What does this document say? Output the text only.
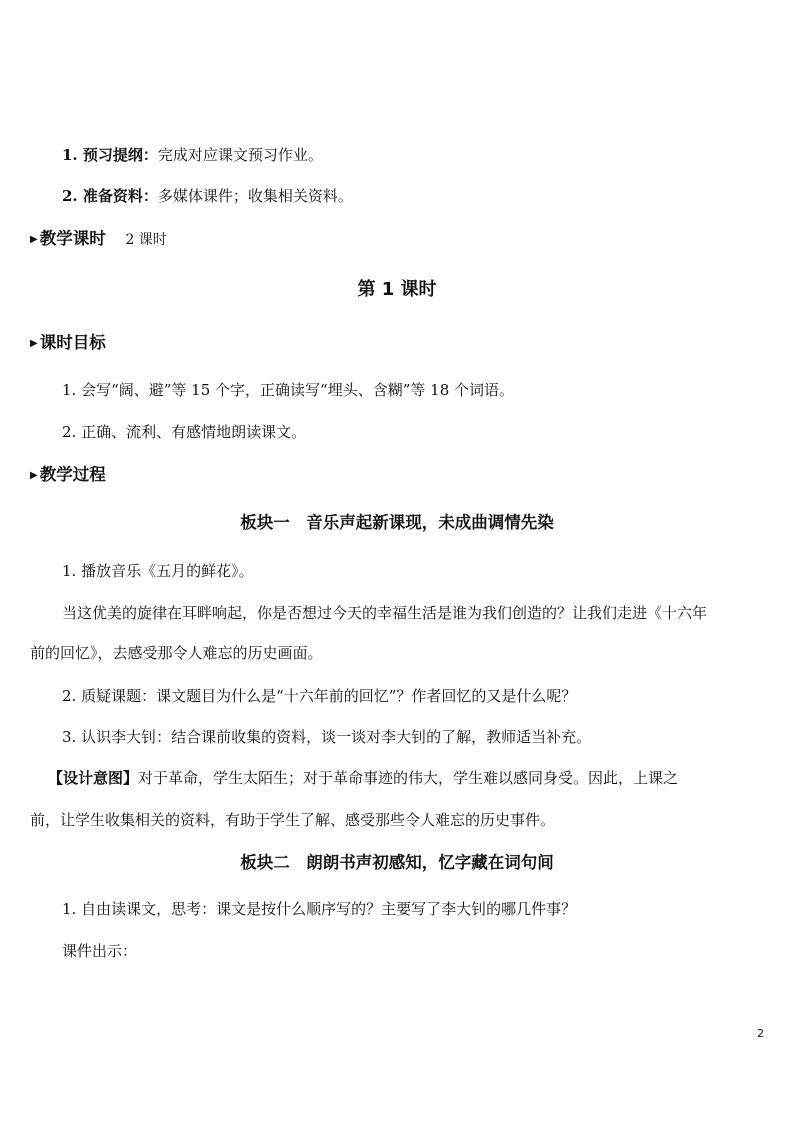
1. 预习提纲：完成对应课文预习作业。
2. 准备资料：多媒体课件；收集相关资料。
▶ 教学课时 2 课时
第 1 课时
▶ 课时目标
1. 会写“阔、避”等 15 个字，正确读写“埋头、含糊”等 18 个词语。
2. 正确、流利、有感情地朗读课文。
▶ 教学过程
板块一　音乐声起新课现，未成曲调情先染
1. 播放音乐《五月的鲜花》。
当这优美的旋律在耳畔响起，你是否想过今天的幸福生活是谁为我们创造的？让我们走进《十六年
前的回忆》，去感受那令人难忘的历史画面。
2. 质疑课题：课文题目为什么是“十六年前的回忆”？作者回忆的又是什么呢？
3. 认识李大钊：结合课前收集的资料，谈一谈对李大钊的了解，教师适当补充。
【设计意图】对于革命，学生太陌生；对于革命事迹的伟大，学生难以感同身受。因此，上课之
前，让学生收集相关的资料，有助于学生了解、感受那些令人难忘的历史事件。
板块二　朗朗书声初感知，忆字藏在词句间
1. 自由读课文，思考：课文是按什么顺序写的？主要写了李大钊的哪几件事？
课件出示：
2
